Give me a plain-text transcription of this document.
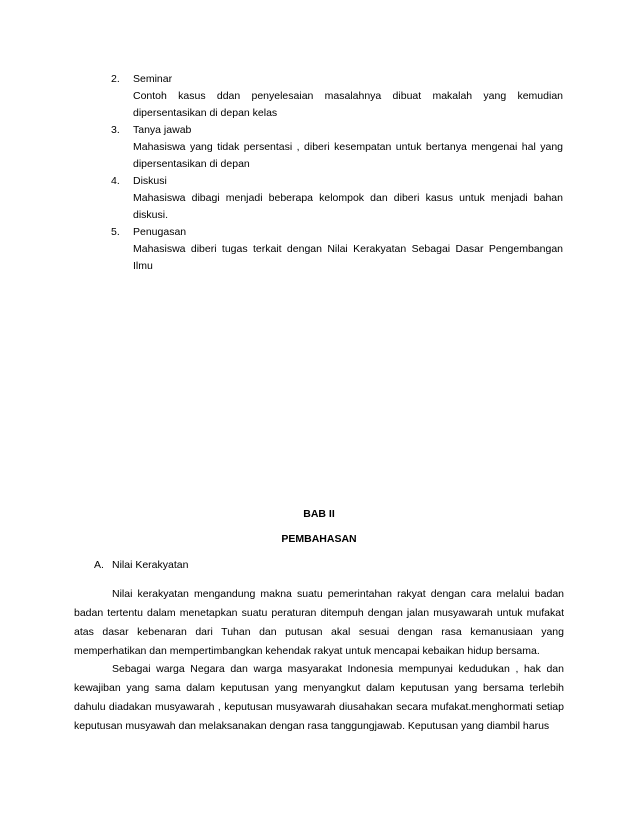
2.	Seminar
Contoh kasus ddan penyelesaian masalahnya dibuat makalah yang kemudian dipersentasikan di depan kelas
3.	Tanya jawab
Mahasiswa yang tidak persentasi , diberi kesempatan untuk bertanya mengenai hal yang dipersentasikan di depan
4.	Diskusi
Mahasiswa dibagi menjadi beberapa kelompok dan diberi kasus untuk menjadi bahan diskusi.
5.	Penugasan
Mahasiswa diberi tugas terkait dengan Nilai Kerakyatan Sebagai Dasar Pengembangan Ilmu
BAB II
PEMBAHASAN
A. Nilai Kerakyatan

Nilai kerakyatan mengandung makna suatu pemerintahan rakyat dengan cara melalui badan badan tertentu dalam menetapkan suatu peraturan ditempuh dengan jalan musyawarah untuk mufakat atas dasar kebenaran dari Tuhan dan putusan akal sesuai dengan rasa kemanusiaan yang memperhatikan dan mempertimbangkan kehendak rakyat untuk mencapai kebaikan hidup bersama.

Sebagai warga Negara dan warga masyarakat Indonesia mempunyai kedudukan , hak dan kewajiban yang sama dalam keputusan yang menyangkut dalam keputusan yang bersama terlebih dahulu diadakan musyawarah , keputusan musyawarah diusahakan secara mufakat.menghormati setiap keputusan musyawah dan melaksanakan dengan rasa tanggungjawab. Keputusan yang diambil harus
